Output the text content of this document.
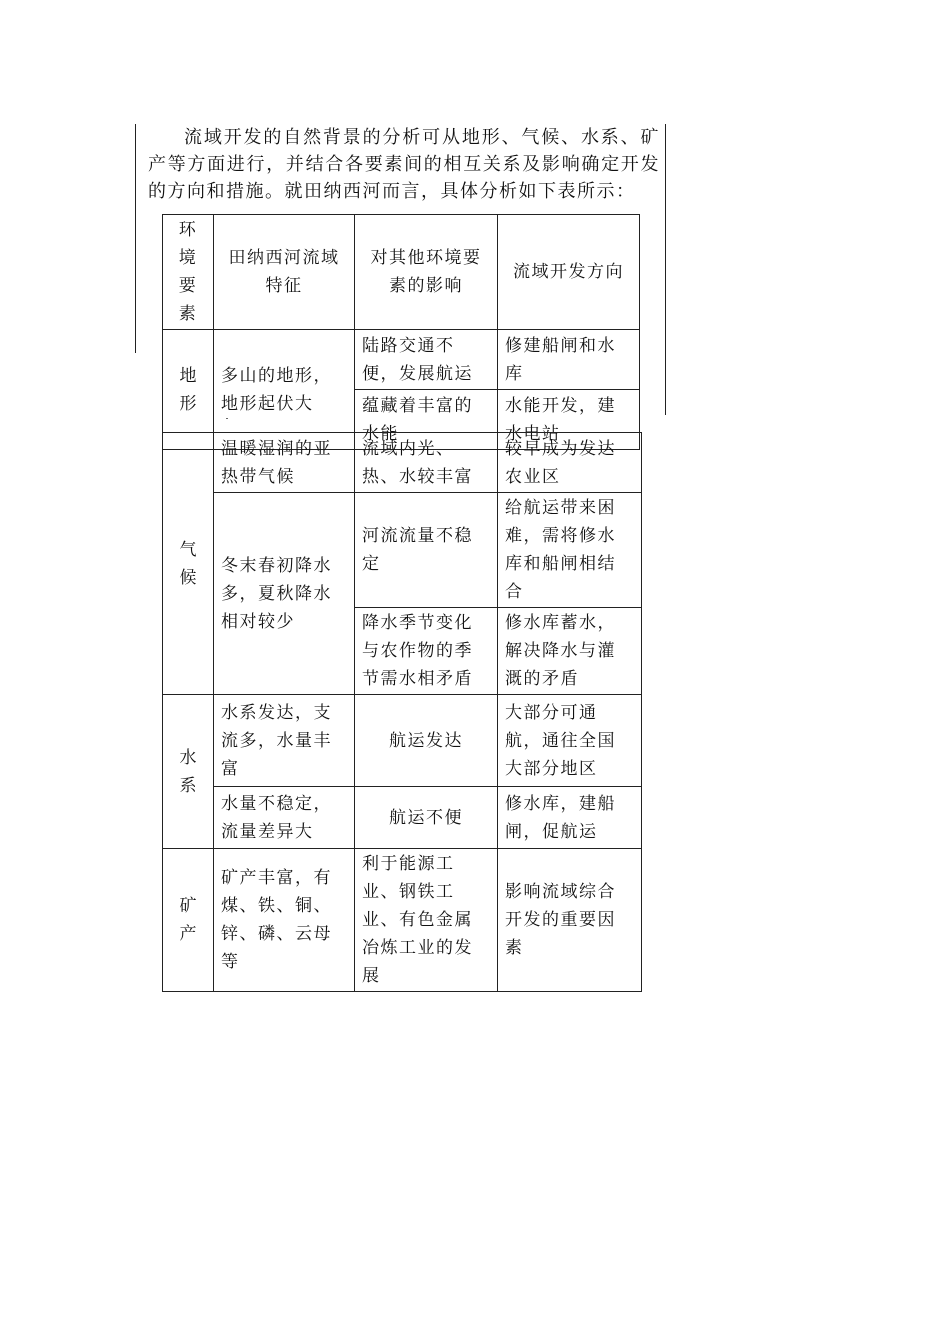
流域开发的自然背景的分析可从地形、气候、水系、矿产等方面进行，并结合各要素间的相互关系及影响确定开发的方向和措施。就田纳西河而言，具体分析如下表所示：

环境要素	田纳西河流域特征	对其他环境要素的影响	流域开发方向
地形	多山的地形，地形起伏大	陆路交通不便，发展航运	修建船闸和水库
		蕴藏着丰富的水能	水能开发，建水电站
气候	温暖湿润的亚热带气候	流域内光、热、水较丰富	较早成为发达农业区
	冬末春初降水多，夏秋降水相对较少	河流流量不稳定	给航运带来困难，需将修水库和船闸相结合
		降水季节变化与农作物的季节需水相矛盾	修水库蓄水，解决降水与灌溉的矛盾
水系	水系发达，支流多，水量丰富	航运发达	大部分可通航，通往全国大部分地区
	水量不稳定，流量差异大	航运不便	修水库，建船闸，促航运
矿产	矿产丰富，有煤、铁、铜、锌、磷、云母等	利于能源工业、钢铁工业、有色金属冶炼工业的发展	影响流域综合开发的重要因素
